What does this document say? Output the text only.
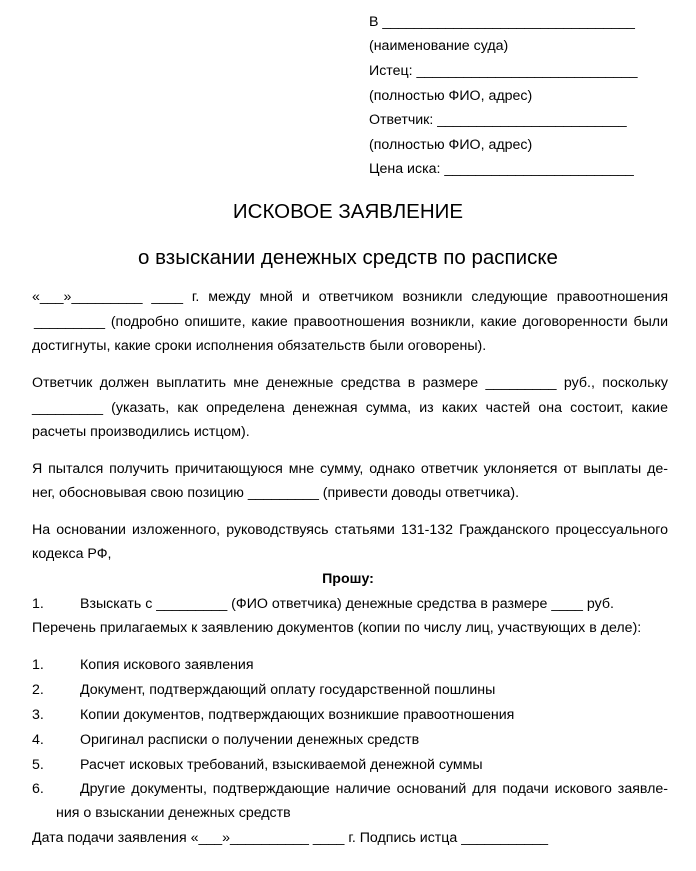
В ________________________________
(наименование суда)
Истец: ____________________________
(полностью ФИО, адрес)
Ответчик: ________________________
(полностью ФИО, адрес)
Цена иска: ________________________
ИСКОВОЕ ЗАЯВЛЕНИЕ
о взыскании денежных средств по расписке
«___»_________ ____ г. между мной и ответчиком возникли следующие правоотношения
_________ (подробно опишите, какие правоотношения возникли, какие договоренности были
достигнуты, какие сроки исполнения обязательств были оговорены).
Ответчик должен выплатить мне денежные средства в размере _________ руб., поскольку
_________ (указать, как определена денежная сумма, из каких частей она состоит, какие
расчеты производились истцом).
Я пытался получить причитающуюся мне сумму, однако ответчик уклоняется от выплаты де-
нег, обосновывая свою позицию _________ (привести доводы ответчика).
На основании изложенного, руководствуясь статьями 131-132 Гражданского процессуального
кодекса РФ,
Прошу:
1.	Взыскать с _________ (ФИО ответчика) денежные средства в размере ____ руб.
Перечень прилагаемых к заявлению документов (копии по числу лиц, участвующих в деле):
1.	Копия искового заявления
2.	Документ, подтверждающий оплату государственной пошлины
3.	Копии документов, подтверждающих возникшие правоотношения
4.	Оригинал расписки о получении денежных средств
5.	Расчет исковых требований, взыскиваемой денежной суммы
6.	Другие документы, подтверждающие наличие оснований для подачи искового заявле-
ния о взыскании денежных средств
Дата подачи заявления «___»__________ ____ г. Подпись истца ___________
